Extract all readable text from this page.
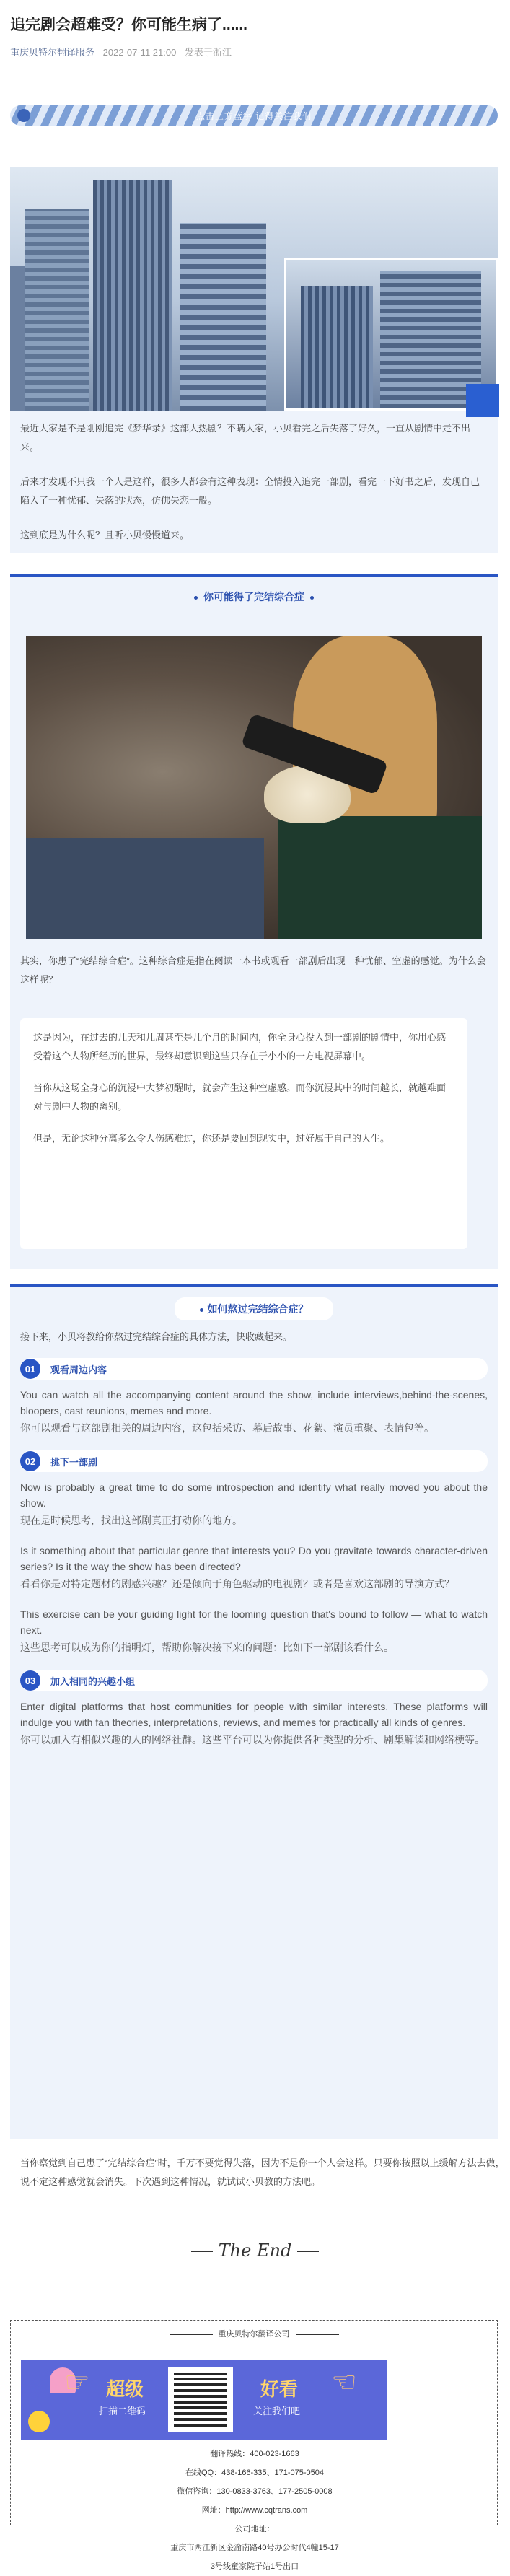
追完剧会超难受？你可能生病了......
重庆贝特尔翻译服务 2022-07-11 21:00 发表于浙江
点击上方蓝字 记得关注我们

最近大家是不是刚刚追完《梦华录》这部大热剧？不瞒大家，小贝看完之后失落了好久，一直从剧情中走不出来。

后来才发现不只我一个人是这样，很多人都会有这种表现：全情投入追完一部剧，看完一下好书之后，发现自己陷入了一种忧郁、失落的状态，仿佛失恋一般。

这到底是为什么呢？且听小贝慢慢道来。

你可能得了完结综合症
其实，你患了“完结综合症”。这种综合症是指在阅读一本书或观看一部剧后出现一种忧郁、空虚的感觉。为什么会这样呢？

这是因为，在过去的几天和几周甚至是几个月的时间内，你全身心投入到一部剧的剧情中，你用心感受着这个人物所经历的世界，最终却意识到这些只存在于小小的一方电视屏幕中。

当你从这场全身心的沉浸中大梦初醒时，就会产生这种空虚感。而你沉浸其中的时间越长，就越难面对与剧中人物的离别。

但是，无论这种分离多么令人伤感难过，你还是要回到现实中，过好属于自己的人生。

如何熬过完结综合症？
接下来，小贝将教给你熬过完结综合症的具体方法，快收藏起来。
01	观看周边内容

You can watch all the accompanying content around the show, include interviews,behind-the-scenes, bloopers, cast reunions, memes and more.

你可以观看与这部剧相关的周边内容，这包括采访、幕后故事、花絮、演员重聚、表情包等。

02	挑下一部剧

Now is probably a great time to do some introspection and identify what really moved you about the show.

现在是时候思考，找出这部剧真正打动你的地方。

Is it something about that particular genre that interests you? Do you gravitate towards character-driven series? Is it the way the show has been directed?

看看你是对特定题材的剧感兴趣？还是倾向于角色驱动的电视剧？或者是喜欢这部剧的导演方式？

This exercise can be your guiding light for the looming question that's bound to follow — what to watch next.

这些思考可以成为你的指明灯，帮助你解决接下来的问题：比如下一部剧该看什么。

03	加入相同的兴趣小组

Enter digital platforms that host communities for people with similar interests. These platforms will indulge you with fan theories, interpretations, reviews, and memes for practically all kinds of genres.

你可以加入有相似兴趣的人的网络社群。这些平台可以为你提供各种类型的分析、剧集解读和网络梗等。

当你察觉到自己患了“完结综合症”时，千万不要觉得失落，因为不是你一个人会这样。只要你按照以上缓解方法去做，说不定这种感觉就会消失。下次遇到这种情况，就试试小贝教的方法吧。
The End
重庆贝特尔翻译公司
☞ 超级
扫描二维码
好看
关注我们吧
☜
翻译热线：400-023-1663
在线QQ：438-166-335、171-075-0504
微信咨询：130-0833-3763、177-2505-0008
网址：http://www.cqtrans.com
公司地址：
重庆市两江新区金渝南路40号办公时代4幢15-17
3号线童家院子站1号出口
